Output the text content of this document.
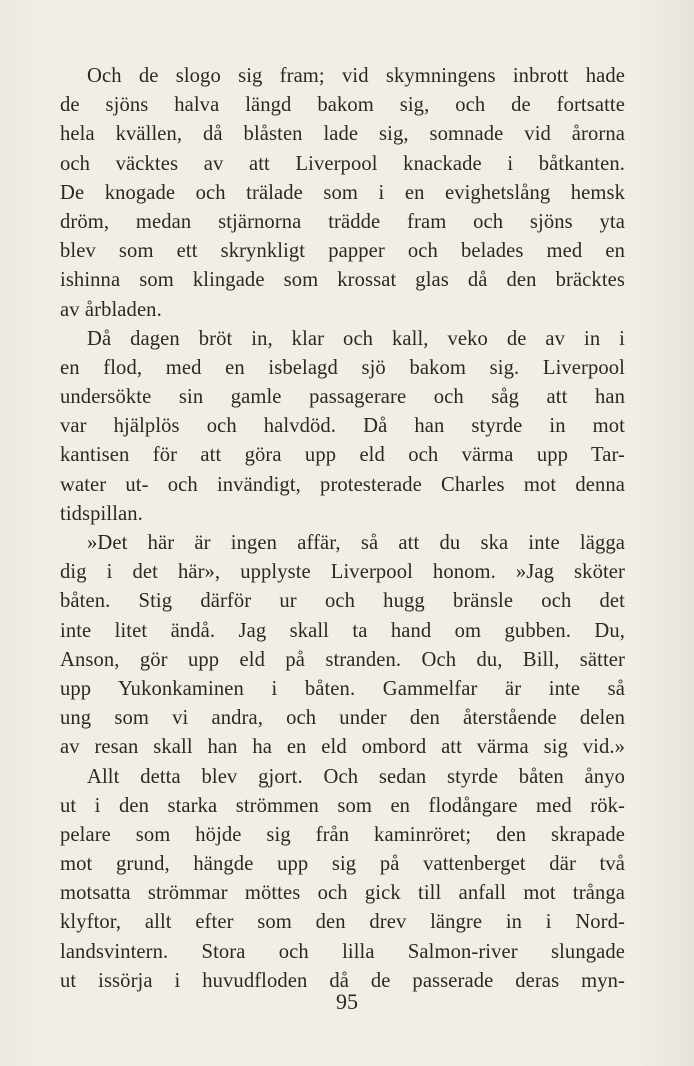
Och de slogo sig fram; vid skymningens inbrott hade
de sjöns halva längd bakom sig, och de fortsatte
hela kvällen, då blåsten lade sig, somnade vid årorna
och väcktes av att Liverpool knackade i båtkanten.
De knogade och trälade som i en evighetslång hemsk
dröm, medan stjärnorna trädde fram och sjöns yta
blev som ett skrynkligt papper och belades med en
ishinna som klingade som krossat glas då den bräcktes
av årbladen.
Då dagen bröt in, klar och kall, veko de av in i
en flod, med en isbelagd sjö bakom sig. Liverpool
undersökte sin gamle passagerare och såg att han
var hjälplös och halvdöd. Då han styrde in mot
kantisen för att göra upp eld och värma upp Tar-
water ut- och invändigt, protesterade Charles mot denna
tidspillan.
»Det här är ingen affär, så att du ska inte lägga
dig i det här», upplyste Liverpool honom. »Jag sköter
båten. Stig därför ur och hugg bränsle och det
inte litet ändå. Jag skall ta hand om gubben. Du,
Anson, gör upp eld på stranden. Och du, Bill, sätter
upp Yukonkaminen i båten. Gammelfar är inte så
ung som vi andra, och under den återstående delen
av resan skall han ha en eld ombord att värma sig vid.»
Allt detta blev gjort. Och sedan styrde båten ånyo
ut i den starka strömmen som en flodångare med rök-
pelare som höjde sig från kaminröret; den skrapade
mot grund, hängde upp sig på vattenberget där två
motsatta strömmar möttes och gick till anfall mot trånga
klyftor, allt efter som den drev längre in i Nord-
landsvintern. Stora och lilla Salmon-river slungade
ut issörja i huvudfloden då de passerade deras myn-
95
